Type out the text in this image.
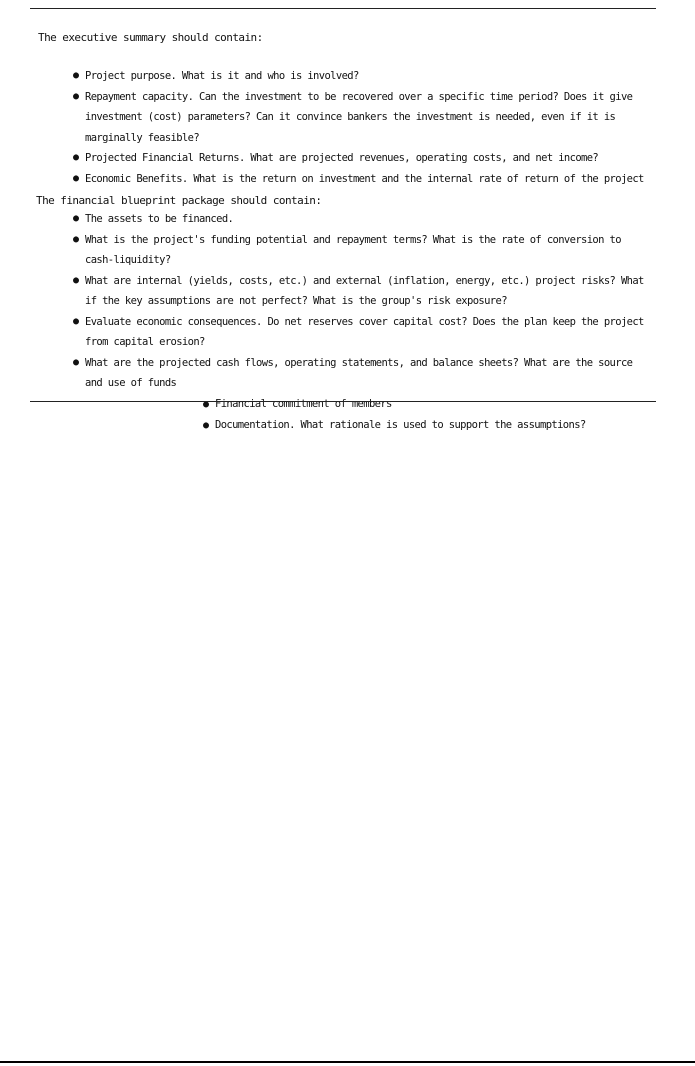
The executive summary should contain:
● Project purpose. What is it and who is involved?
● Repayment capacity. Can the investment to be recovered over a specific time period? Does it give investment (cost) parameters? Can it convince bankers the investment is needed, even if it is marginally feasible?
● Projected Financial Returns. What are projected revenues, operating costs, and net income?
● Economic Benefits. What is the return on investment and the internal rate of return of the project
The financial blueprint package should contain:
● The assets to be financed.
● What is the project's funding potential and repayment terms? What is the rate of conversion to cash-liquidity?
● What are internal (yields, costs, etc.) and external (inflation, energy, etc.) project risks? What if the key assumptions are not perfect? What is the group's risk exposure?
● Evaluate economic consequences. Do net reserves cover capital cost? Does the plan keep the project from capital erosion?
● What are the projected cash flows, operating statements, and balance sheets? What are the source and use of funds
● Financial commitment of members
● Documentation. What rationale is used to support the assumptions?
